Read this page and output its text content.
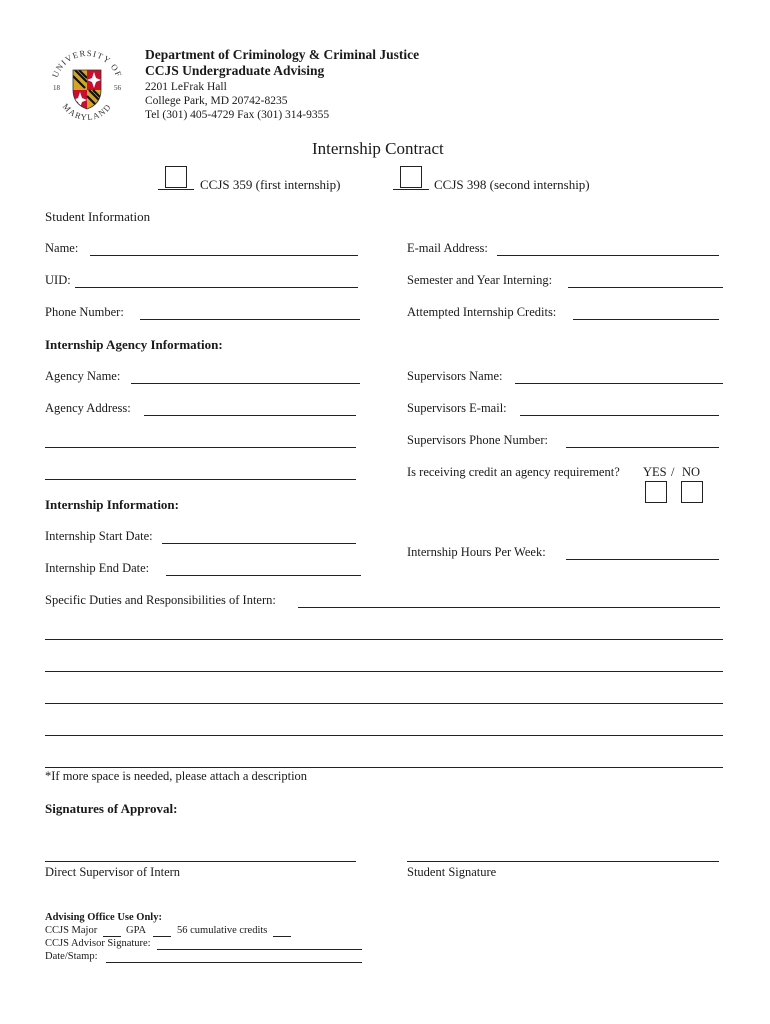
UNIVERSITY OF
MARYLAND
18	56
Department of Criminology & Criminal Justice
CCJS Undergraduate Advising
2201 LeFrak Hall
College Park, MD 20742-8235
Tel (301) 405-4729 Fax (301) 314-9355
Internship Contract
CCJS 359 (first internship)	CCJS 398 (second internship)
Student Information
Name:	E-mail Address:
UID:	Semester and Year Interning:
Phone Number:	Attempted Internship Credits:
Internship Agency Information:
Agency Name:	Supervisors Name:
Agency Address:	Supervisors E-mail:
Supervisors Phone Number:
Is receiving credit an agency requirement? YES / NO
Internship Information:
Internship Start Date:
Internship Hours Per Week:
Internship End Date:
Specific Duties and Responsibilities of Intern:
*If more space is needed, please attach a description
Signatures of Approval:
Direct Supervisor of Intern	Student Signature
Advising Office Use Only:
CCJS Major	GPA	56 cumulative credits
CCJS Advisor Signature:
Date/Stamp:
